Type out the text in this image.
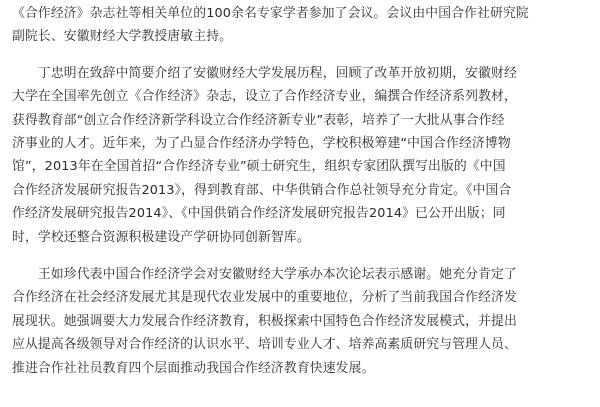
《合作经济》杂志社等相关单位的100余名专家学者参加了会议。会议由中国合作社研究院
副院长、安徽财经大学教授唐敏主持。

　　丁忠明在致辞中简要介绍了安徽财经大学发展历程，回顾了改革开放初期，安徽财经
大学在全国率先创立《合作经济》杂志，设立了合作经济专业，编撰合作经济系列教材，
获得教育部“创立合作经济新学科设立合作经济新专业”表彰，培养了一大批从事合作经
济事业的人才。近年来，为了凸显合作经济办学特色，学校积极筹建“中国合作经济博物
馆”，2013年在全国首招“合作经济专业”硕士研究生，组织专家团队撰写出版的《中国
合作经济发展研究报告2013》，得到教育部、中华供销合作总社领导充分肯定。《中国合
作经济发展研究报告2014》、《中国供销合作经济发展研究报告2014》已公开出版；同
时，学校还整合资源积极建设产学研协同创新智库。

　　王如珍代表中国合作经济学会对安徽财经大学承办本次论坛表示感谢。她充分肯定了
合作经济在社会经济发展尤其是现代农业发展中的重要地位，分析了当前我国合作经济发
展现状。她强调要大力发展合作经济教育，积极探索中国特色合作经济发展模式，并提出
应从提高各级领导对合作经济的认识水平、培训专业人才、培养高素质研究与管理人员、
推进合作社社员教育四个层面推动我国合作经济教育快速发展。
